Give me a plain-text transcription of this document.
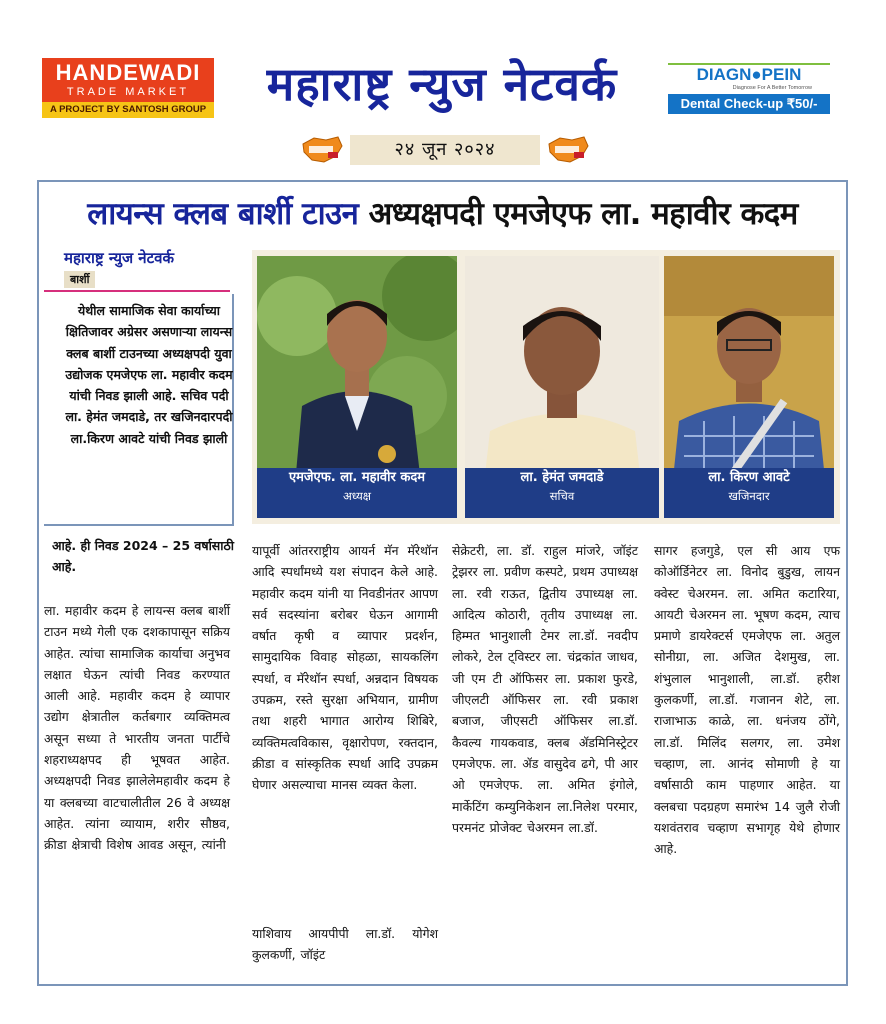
HANDEWADI
TRADE MARKET
A PROJECT BY SANTOSH GROUP	महाराष्ट्र न्युज नेटवर्क	DIAGN●PEIN
Diagnose For A Better Tomorrow
Dental Check-up ₹50/-
२४ जून २०२४
लायन्स क्लब बार्शी टाउन अध्यक्षपदी एमजेएफ ला. महावीर कदम
महाराष्ट्र न्युज नेटवर्क
बार्शी
येथील सामाजिक सेवा कार्याच्या क्षितिजावर अग्रेसर असणाऱ्या लायन्स क्लब बार्शी टाउनच्या अध्यक्षपदी युवा उद्योजक एमजेएफ ला. महावीर कदम यांची निवड झाली आहे. सचिव पदी ला. हेमंत जमदाडे, तर खजिनदारपदी ला.किरण आवटे यांची निवड झाली
आहे. ही निवड 2024 – 25 वर्षासाठी आहे.
एमजेएफ. ला. महावीर कदम
अध्यक्ष
ला. हेमंत जमदाडे
सचिव
ला. किरण आवटे
खजिनदार
ला. महावीर कदम हे लायन्स क्लब बार्शी टाउन मध्ये गेली एक दशकापासून सक्रिय आहेत. त्यांचा सामाजिक कार्याचा अनुभव लक्षात घेऊन त्यांची निवड करण्यात आली आहे. महावीर कदम हे व्यापार उद्योग क्षेत्रातील कर्तबगार व्यक्तिमत्व असून सध्या ते भारतीय जनता पार्टीचे शहराध्यक्षपद ही भूषवत आहेत. अध्यक्षपदी निवड झालेलेमहावीर कदम हे या क्लबच्या वाटचालीतील 26 वे अध्यक्ष आहेत. त्यांना व्यायाम, शरीर सौष्ठव, क्रीडा क्षेत्राची विशेष आवड असून, त्यांनी
यापूर्वी आंतरराष्ट्रीय आयर्न मॅन मॅरेथॉन आदि स्पर्धांमध्ये यश संपादन केले आहे. महावीर कदम यांनी या निवडीनंतर आपण सर्व सदस्यांना बरोबर घेऊन आगामी वर्षात कृषी व व्यापार प्रदर्शन, सामुदायिक विवाह सोहळा, सायकलिंग स्पर्धा, व मॅरेथॉन स्पर्धा, अन्नदान विषयक उपक्रम, रस्ते सुरक्षा अभियान, ग्रामीण तथा शहरी भागात आरोग्य शिबिरे, व्यक्तिमत्वविकास, वृक्षारोपण, रक्तदान, क्रीडा व सांस्कृतिक स्पर्धा आदि उपक्रम घेणार असल्याचा मानस व्यक्त केला.
याशिवाय आयपीपी ला.डॉ. योगेश कुलकर्णी, जॉइंट
सेक्रेटरी, ला. डॉ. राहुल मांजरे, जॉइंट ट्रेझरर ला. प्रवीण कस्पटे, प्रथम उपाध्यक्ष ला. रवी राऊत, द्वितीय उपाध्यक्ष ला. आदित्य कोठारी, तृतीय उपाध्यक्ष ला. हिम्मत भानुशाली टेमर ला.डॉ. नवदीप लोकरे, टेल ट्विस्टर ला. चंद्रकांत जाधव, जी एम टी ऑफिसर ला. प्रकाश फुरडे, जीएलटी ऑफिसर ला. रवी प्रकाश बजाज, जीएसटी ऑफिसर ला.डॉ. कैवल्य गायकवाड, क्लब ॲडमिनिस्ट्रेटर एमजेएफ. ला. ॲड वासुदेव ढगे, पी आर ओ एमजेएफ. ला. अमित इंगोले, मार्केटिंग कम्युनिकेशन ला.निलेश परमार, परमनंट प्रोजेक्ट चेअरमन ला.डॉ.
सागर हजगुडे, एल सी आय एफ कोऑर्डिनेटर ला. विनोद बुडुख, लायन क्वेस्ट चेअरमन. ला. अमित कटारिया, आयटी चेअरमन ला. भूषण कदम, त्याच प्रमाणे डायरेक्टर्स एमजेएफ ला. अतुल सोनीग्रा, ला. अजित देशमुख, ला. शंभुलाल भानुशाली, ला.डॉ. हरीश कुलकर्णी, ला.डॉ. गजानन शेटे, ला. राजाभाऊ काळे, ला. धनंजय ठोंगे, ला.डॉ. मिलिंद सलगर, ला. उमेश चव्हाण, ला. आनंद सोमाणी हे या वर्षासाठी काम पाहणार आहेत. या क्लबचा पदग्रहण समारंभ 14 जुलै रोजी यशवंतराव चव्हाण सभागृह येथे होणार आहे.
